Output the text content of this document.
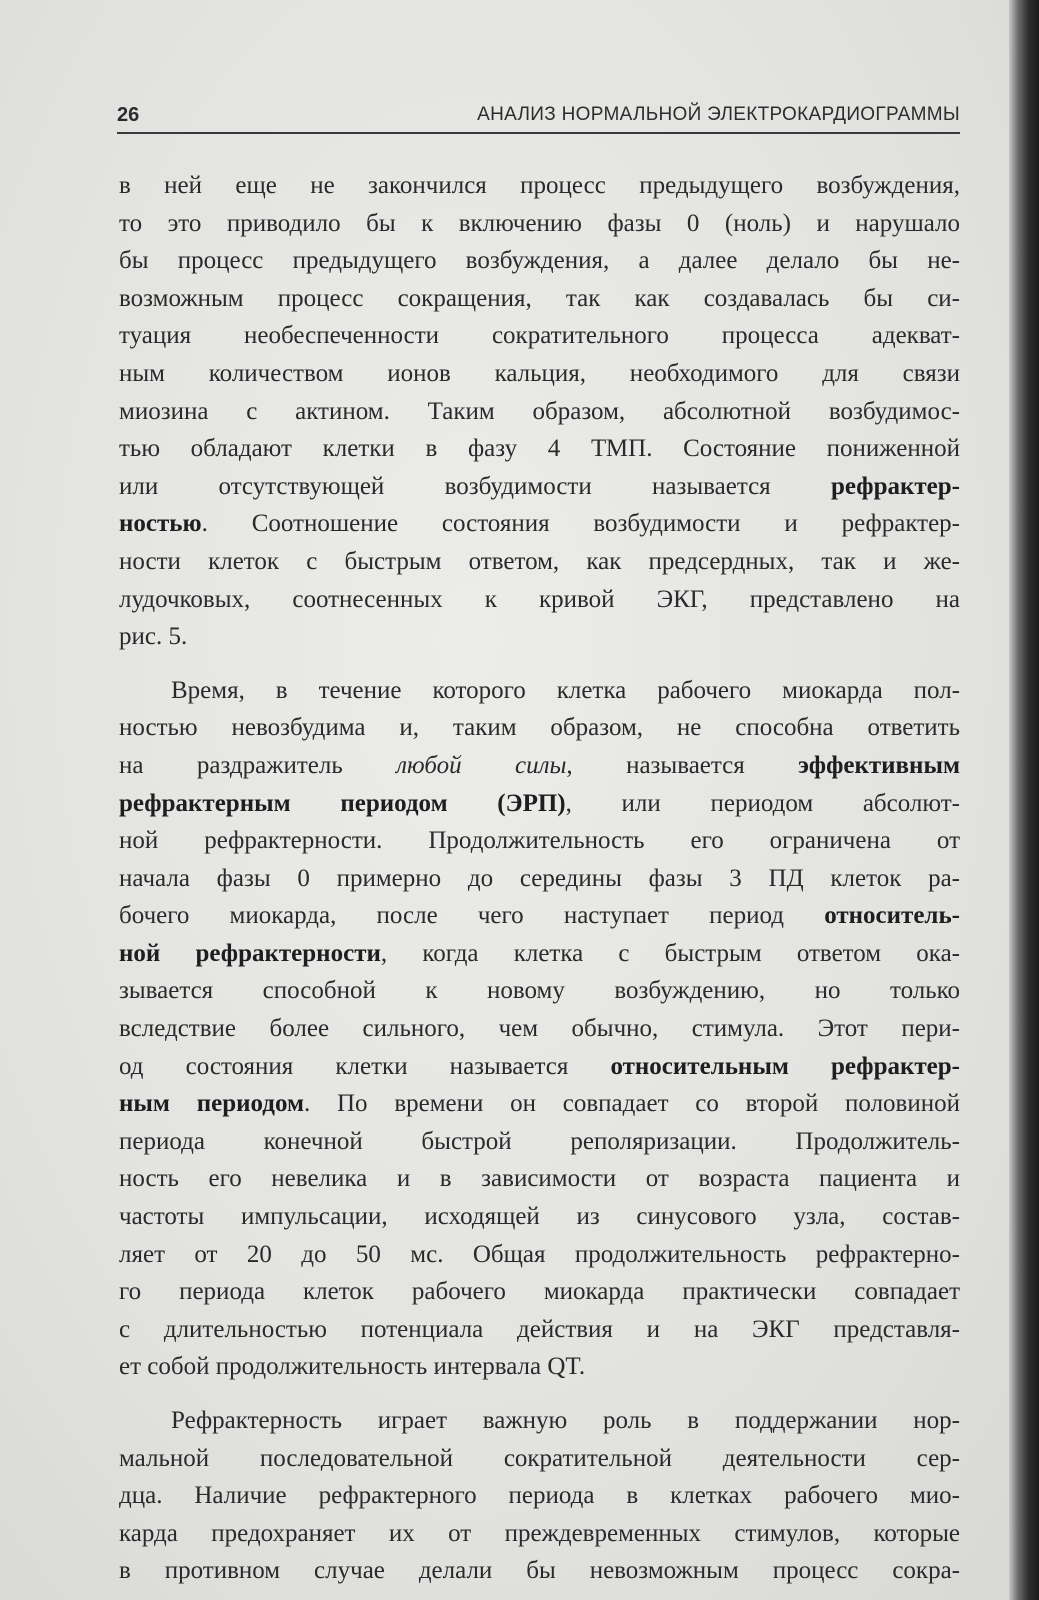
26	АНАЛИЗ НОРМАЛЬНОЙ ЭЛЕКТРОКАРДИОГРАММЫ
в ней еще не закончился процесс предыдущего возбуждения,
то это приводило бы к включению фазы 0 (ноль) и нарушало
бы процесс предыдущего возбуждения, а далее делало бы не-
возможным процесс сокращения, так как создавалась бы си-
туация необеспеченности сократительного процесса адекват-
ным количеством ионов кальция, необходимого для связи
миозина с актином. Таким образом, абсолютной возбудимос-
тью обладают клетки в фазу 4 ТМП. Состояние пониженной
или отсутствующей возбудимости называется рефрактер-
ностью. Соотношение состояния возбудимости и рефрактер-
ности клеток с быстрым ответом, как предсердных, так и же-
лудочковых, соотнесенных к кривой ЭКГ, представлено на
рис. 5.
Время, в течение которого клетка рабочего миокарда пол-
ностью невозбудима и, таким образом, не способна ответить
на раздражитель любой силы, называется эффективным
рефрактерным периодом (ЭРП), или периодом абсолют-
ной рефрактерности. Продолжительность его ограничена от
начала фазы 0 примерно до середины фазы 3 ПД клеток ра-
бочего миокарда, после чего наступает период относитель-
ной рефрактерности, когда клетка с быстрым ответом ока-
зывается способной к новому возбуждению, но только
вследствие более сильного, чем обычно, стимула. Этот пери-
од состояния клетки называется относительным рефрактер-
ным периодом. По времени он совпадает со второй половиной
периода конечной быстрой реполяризации. Продолжитель-
ность его невелика и в зависимости от возраста пациента и
частоты импульсации, исходящей из синусового узла, состав-
ляет от 20 до 50 мс. Общая продолжительность рефрактерно-
го периода клеток рабочего миокарда практически совпадает
с длительностью потенциала действия и на ЭКГ представля-
ет собой продолжительность интервала QT.
Рефрактерность играет важную роль в поддержании нор-
мальной последовательной сократительной деятельности сер-
дца. Наличие рефрактерного периода в клетках рабочего мио-
карда предохраняет их от преждевременных стимулов, которые
в противном случае делали бы невозможным процесс сокра-
